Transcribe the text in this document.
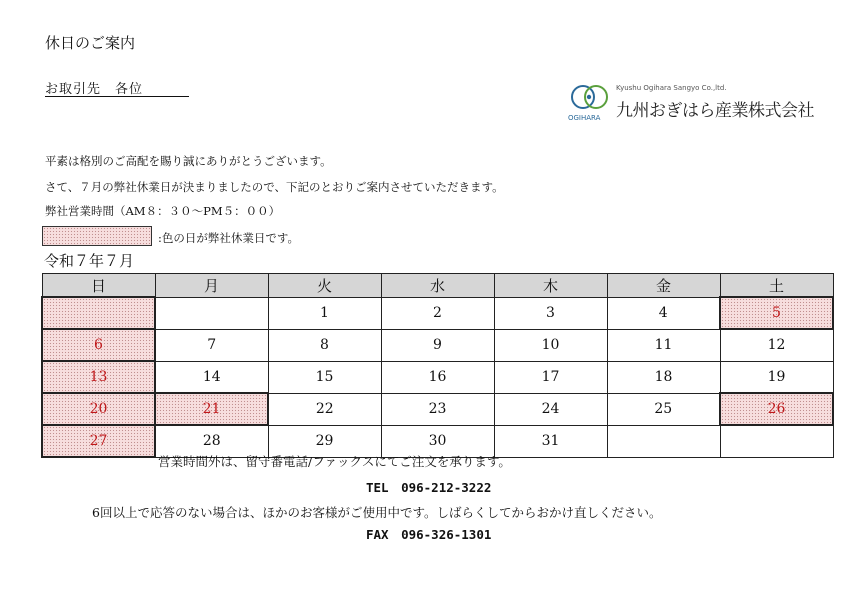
休日のご案内
お取引先　各位
OGIHARA
Kyushu Ogihara Sangyo Co.,ltd.
九州おぎはら産業株式会社
平素は格別のご高配を賜り誠にありがとうございます。
さて、７月の弊社休業日が決まりましたので、下記のとおりご案内させていただきます。
弊社営業時間（AM８：３０～PM５：００）
:色の日が弊社休業日です。
令和７年７月
日	月	火	水	木	金	土
		1	2	3	4	5
6	7	8	9	10	11	12
13	14	15	16	17	18	19
20	21	22	23	24	25	26
27	28	29	30	31		
営業時間外は、留守番電話/ファックスにてご注文を承ります。
TEL　096-212-3222
6回以上で応答のない場合は、ほかのお客様がご使用中です。しばらくしてからおかけ直しください。
FAX　096-326-1301
